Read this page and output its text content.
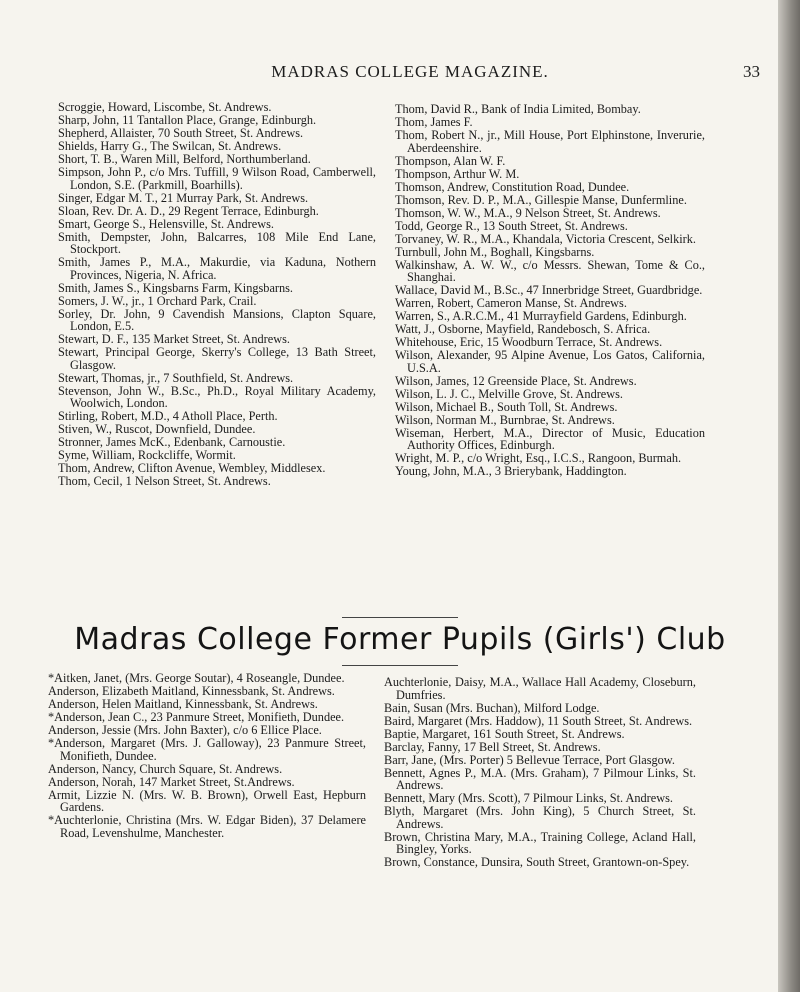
MADRAS COLLEGE MAGAZINE.	33

Scroggie, Howard, Liscombe, St. Andrews.

Sharp, John, 11 Tantallon Place, Grange, Edinburgh.

Shepherd, Allaister, 70 South Street, St. Andrews.

Shields, Harry G., The Swilcan, St. Andrews.

Short, T. B., Waren Mill, Belford, Northumberland.

Simpson, John P., c/o Mrs. Tuffill, 9 Wilson Road, Camberwell, London, S.E. (Parkmill, Boarhills).

Singer, Edgar M. T., 21 Murray Park, St. Andrews.

Sloan, Rev. Dr. A. D., 29 Regent Terrace, Edinburgh.

Smart, George S., Helensville, St. Andrews.

Smith, Dempster, John, Balcarres, 108 Mile End Lane, Stockport.

Smith, James P., M.A., Makurdie, via Kaduna, Nothern Provinces, Nigeria, N. Africa.

Smith, James S., Kingsbarns Farm, Kingsbarns.

Somers, J. W., jr., 1 Orchard Park, Crail.

Sorley, Dr. John, 9 Cavendish Mansions, Clapton Square, London, E.5.

Stewart, D. F., 135 Market Street, St. Andrews.

Stewart, Principal George, Skerry's College, 13 Bath Street, Glasgow.

Stewart, Thomas, jr., 7 Southfield, St. Andrews.

Stevenson, John W., B.Sc., Ph.D., Royal Military Academy, Woolwich, London.

Stirling, Robert, M.D., 4 Atholl Place, Perth.

Stiven, W., Ruscot, Downfield, Dundee.

Stronner, James McK., Edenbank, Carnoustie.

Syme, William, Rockcliffe, Wormit.

Thom, Andrew, Clifton Avenue, Wembley, Middlesex.

Thom, Cecil, 1 Nelson Street, St. Andrews.

Thom, David R., Bank of India Limited, Bombay.

Thom, James F.

Thom, Robert N., jr., Mill House, Port Elphinstone, Inverurie, Aberdeenshire.

Thompson, Alan W. F.

Thompson, Arthur W. M.

Thomson, Andrew, Constitution Road, Dundee.

Thomson, Rev. D. P., M.A., Gillespie Manse, Dunfermline.

Thomson, W. W., M.A., 9 Nelson Street, St. Andrews.

Todd, George R., 13 South Street, St. Andrews.

Torvaney, W. R., M.A., Khandala, Victoria Crescent, Selkirk.

Turnbull, John M., Boghall, Kingsbarns.

Walkinshaw, A. W. W., c/o Messrs. Shewan, Tome & Co., Shanghai.

Wallace, David M., B.Sc., 47 Innerbridge Street, Guardbridge.

Warren, Robert, Cameron Manse, St. Andrews.

Warren, S., A.R.C.M., 41 Murrayfield Gardens, Edinburgh.

Watt, J., Osborne, Mayfield, Randebosch, S. Africa.

Whitehouse, Eric, 15 Woodburn Terrace, St. Andrews.

Wilson, Alexander, 95 Alpine Avenue, Los Gatos, California, U.S.A.

Wilson, James, 12 Greenside Place, St. Andrews.

Wilson, L. J. C., Melville Grove, St. Andrews.

Wilson, Michael B., South Toll, St. Andrews.

Wilson, Norman M., Burnbrae, St. Andrews.

Wiseman, Herbert, M.A., Director of Music, Education Authority Offices, Edinburgh.

Wright, M. P., c/o Wright, Esq., I.C.S., Rangoon, Burmah.

Young, John, M.A., 3 Brierybank, Haddington.

Madras College Former Pupils (Girls') Club

*Aitken, Janet, (Mrs. George Soutar), 4 Roseangle, Dundee.

Anderson, Elizabeth Maitland, Kinnessbank, St. Andrews.

Anderson, Helen Maitland, Kinnessbank, St. Andrews.

*Anderson, Jean C., 23 Panmure Street, Monifieth, Dundee.

Anderson, Jessie (Mrs. John Baxter), c/o 6 Ellice Place.

*Anderson, Margaret (Mrs. J. Galloway), 23 Panmure Street, Monifieth, Dundee.

Anderson, Nancy, Church Square, St. Andrews.

Anderson, Norah, 147 Market Street, St.Andrews.

Armit, Lizzie N. (Mrs. W. B. Brown), Orwell East, Hepburn Gardens.

*Auchterlonie, Christina (Mrs. W. Edgar Biden), 37 Delamere Road, Levenshulme, Manchester.

Auchterlonie, Daisy, M.A., Wallace Hall Academy, Closeburn, Dumfries.

Bain, Susan (Mrs. Buchan), Milford Lodge.

Baird, Margaret (Mrs. Haddow), 11 South Street, St. Andrews.

Baptie, Margaret, 161 South Street, St. Andrews.

Barclay, Fanny, 17 Bell Street, St. Andrews.

Barr, Jane, (Mrs. Porter) 5 Bellevue Terrace, Port Glasgow.

Bennett, Agnes P., M.A. (Mrs. Graham), 7 Pilmour Links, St. Andrews.

Bennett, Mary (Mrs. Scott), 7 Pilmour Links, St. Andrews.

Blyth, Margaret (Mrs. John King), 5 Church Street, St. Andrews.

Brown, Christina Mary, M.A., Training College, Acland Hall, Bingley, Yorks.

Brown, Constance, Dunsira, South Street, Grantown-on-Spey.
